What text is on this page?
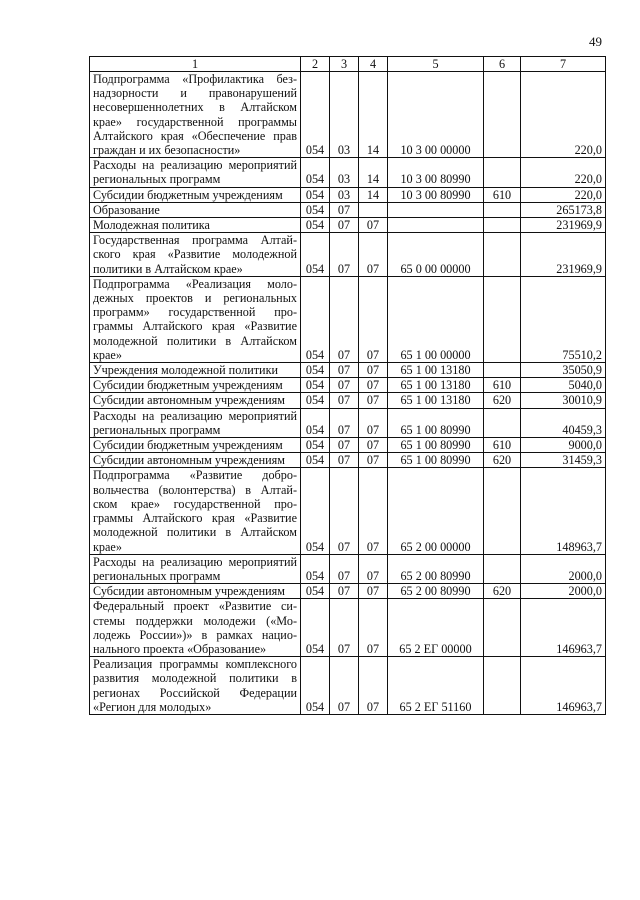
49
1	2	3	4	5	6	7
Подпрограмма «Профилактика безнадзорности и правонарушений несовершеннолетних в Алтайском крае» государственной программы Алтайского края «Обеспечение прав граждан и их безопасности»	054	03	14	10 3 00 00000		220,0
Расходы на реализацию мероприятий региональных программ	054	03	14	10 3 00 80990		220,0
Субсидии бюджетным учреждениям	054	03	14	10 3 00 80990	610	220,0
Образование	054	07				265173,8
Молодежная политика	054	07	07			231969,9
Государственная программа Алтайского края «Развитие молодежной политики в Алтайском крае»	054	07	07	65 0 00 00000		231969,9
Подпрограмма «Реализация молодежных проектов и региональных программ» государственной программы Алтайского края «Развитие молодежной политики в Алтайском крае»	054	07	07	65 1 00 00000		75510,2
Учреждения молодежной политики	054	07	07	65 1 00 13180		35050,9
Субсидии бюджетным учреждениям	054	07	07	65 1 00 13180	610	5040,0
Субсидии автономным учреждениям	054	07	07	65 1 00 13180	620	30010,9
Расходы на реализацию мероприятий региональных программ	054	07	07	65 1 00 80990		40459,3
Субсидии бюджетным учреждениям	054	07	07	65 1 00 80990	610	9000,0
Субсидии автономным учреждениям	054	07	07	65 1 00 80990	620	31459,3
Подпрограмма «Развитие добровольчества (волонтерства) в Алтайском крае» государственной программы Алтайского края «Развитие молодежной политики в Алтайском крае»	054	07	07	65 2 00 00000		148963,7
Расходы на реализацию мероприятий региональных программ	054	07	07	65 2 00 80990		2000,0
Субсидии автономным учреждениям	054	07	07	65 2 00 80990	620	2000,0
Федеральный проект «Развитие системы поддержки молодежи («Молодежь России»)» в рамках национального проекта «Образование»	054	07	07	65 2 ЕГ 00000		146963,7
Реализация программы комплексного развития молодежной политики в регионах Российской Федерации «Регион для молодых»	054	07	07	65 2 ЕГ 51160		146963,7
